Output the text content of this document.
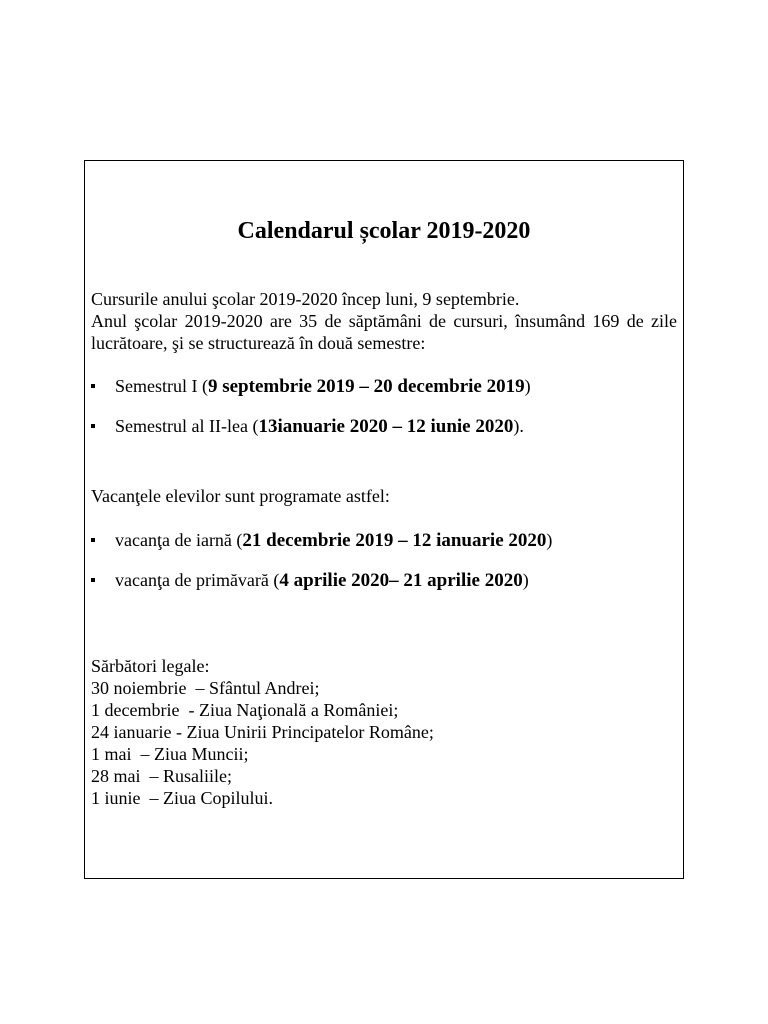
Calendarul școlar 2019-2020

Cursurile anului şcolar 2019-2020 încep luni, 9 septembrie.

Anul şcolar 2019-2020 are 35 de săptămâni de cursuri, însumând 169 de zile lucrătoare, şi se structurează în două semestre:

Semestrul I (9 septembrie 2019 – 20 decembrie 2019)
Semestrul al II-lea (13ianuarie 2020 – 12 iunie 2020).

Vacanţele elevilor sunt programate astfel:

vacanţa de iarnă (21 decembrie 2019 – 12 ianuarie 2020)
vacanţa de primăvară (4 aprilie 2020– 21 aprilie 2020)
Sărbători legale:
30 noiembrie  – Sfântul Andrei;
1 decembrie  - Ziua Naţională a României;
24 ianuarie - Ziua Unirii Principatelor Române;
1 mai  – Ziua Muncii;
28 mai  – Rusaliile;
1 iunie  – Ziua Copilului.
